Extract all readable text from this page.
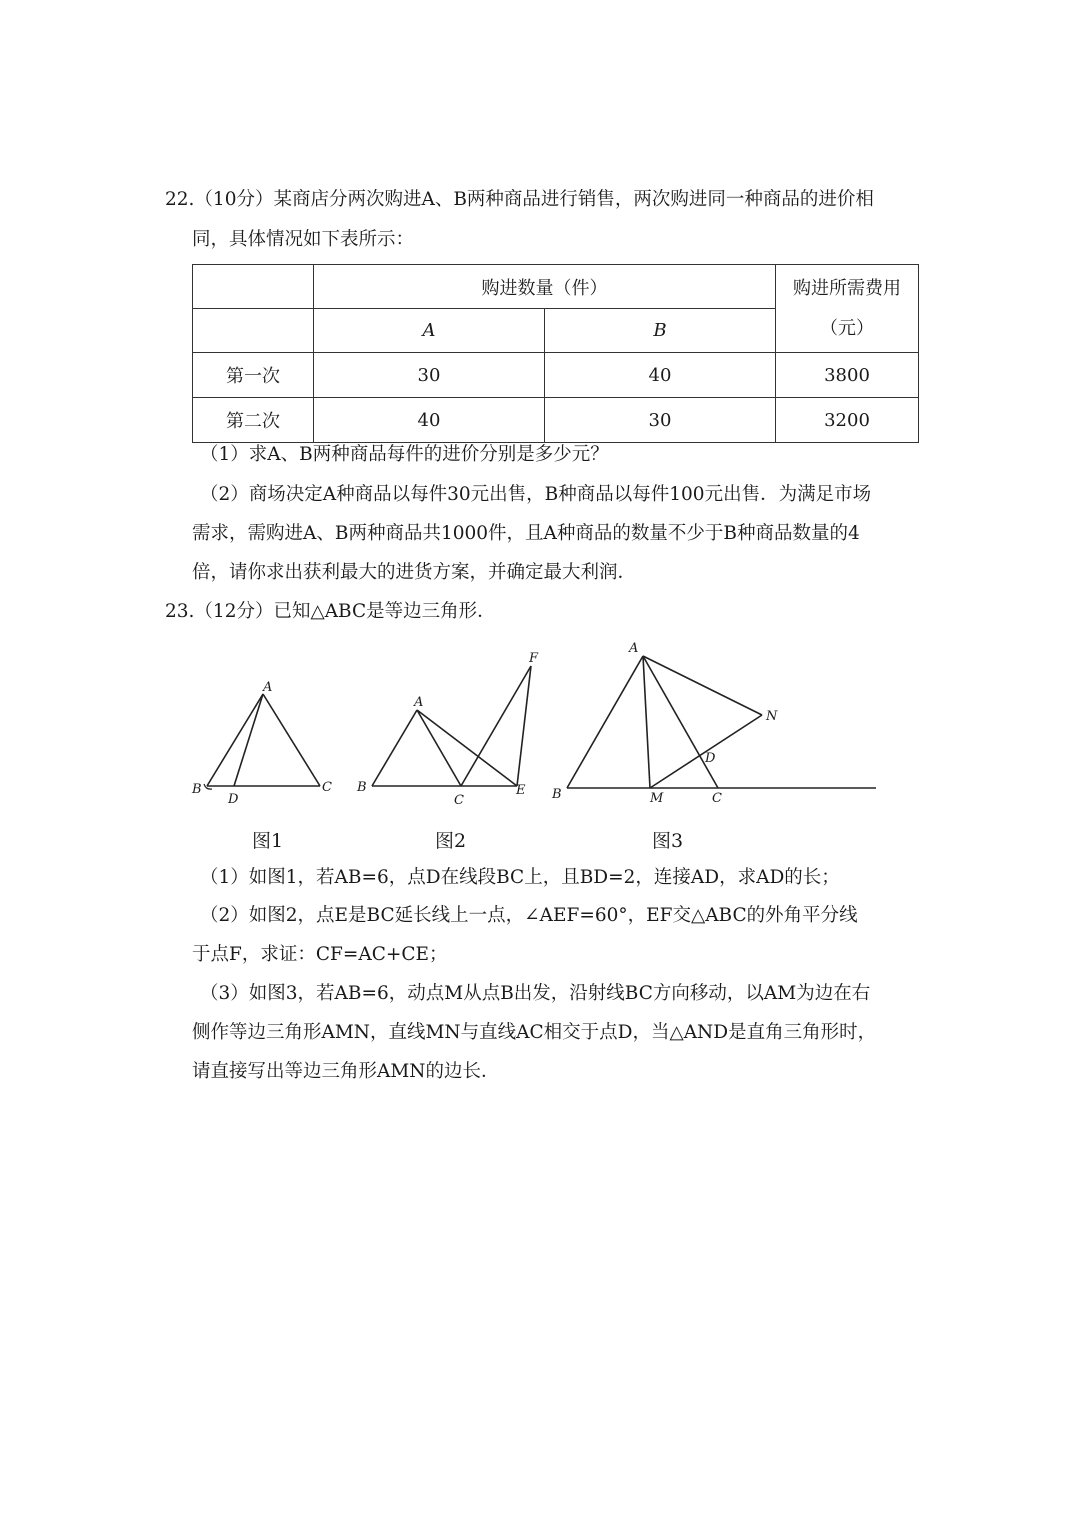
22.（10分）某商店分两次购进A、B两种商品进行销售，两次购进同一种商品的进价相
同，具体情况如下表所示：
	购进数量（件）		购进所需费用（元）
	A	B	
第一次	30	40	3800
第二次	40	30	3200
（1）求A、B两种商品每件的进价分别是多少元？
（2）商场决定A种商品以每件30元出售，B种商品以每件100元出售．为满足市场
需求，需购进A、B两种商品共1000件，且A种商品的数量不少于B种商品数量的4
倍，请你求出获利最大的进货方案，并确定最大利润．
23.（12分）已知△ABC是等边三角形．
A
B	C
D
图1
A
B
C
E
F
图2
A
B	C
M
N
D
图3
（1）如图1，若AB=6，点D在线段BC上，且BD=2，连接AD，求AD的长；
（2）如图2，点E是BC延长线上一点，∠AEF=60°，EF交△ABC的外角平分线
于点F，求证：CF=AC+CE；
（3）如图3，若AB=6，动点M从点B出发，沿射线BC方向移动，以AM为边在右
侧作等边三角形AMN，直线MN与直线AC相交于点D，当△AND是直角三角形时，
请直接写出等边三角形AMN的边长．
